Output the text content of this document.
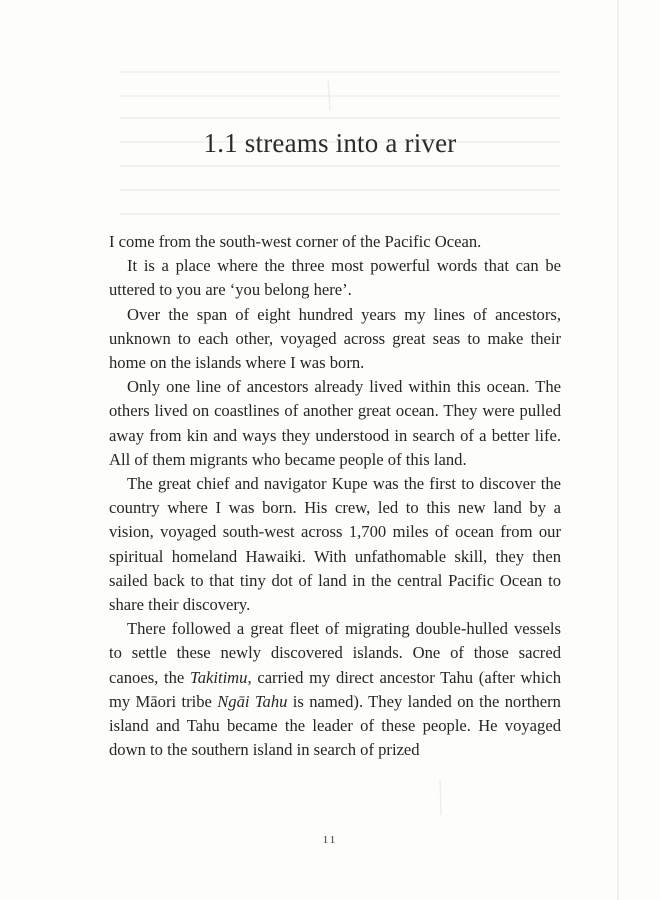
1.1 streams into a river

I come from the south-west corner of the Pacific Ocean.

It is a place where the three most powerful words that can be uttered to you are ‘you belong here’.

Over the span of eight hundred years my lines of ancestors, unknown to each other, voyaged across great seas to make their home on the islands where I was born.

Only one line of ancestors already lived within this ocean. The others lived on coastlines of another great ocean. They were pulled away from kin and ways they understood in search of a better life. All of them migrants who became people of this land.

The great chief and navigator Kupe was the first to discover the country where I was born. His crew, led to this new land by a vision, voyaged south-west across 1,700 miles of ocean from our spiritual homeland Hawaiki. With unfathomable skill, they then sailed back to that tiny dot of land in the central Pacific Ocean to share their discovery.

There followed a great fleet of migrating double-hulled vessels to settle these newly discovered islands. One of those sacred canoes, the Takitimu, carried my direct ancestor Tahu (after which my Māori tribe Ngāi Tahu is named). They landed on the northern island and Tahu became the leader of these people. He voyaged down to the southern island in search of prized

11
